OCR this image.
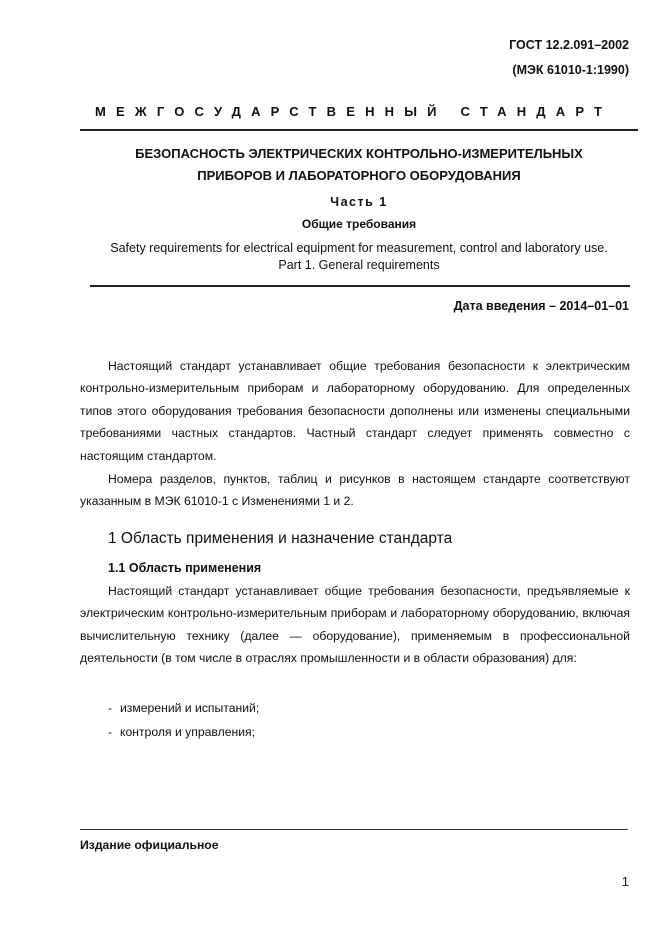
ГОСТ 12.2.091–2002
(МЭК 61010-1:1990)
МЕЖГОСУДАРСТВЕННЫЙ СТАНДАРТ
БЕЗОПАСНОСТЬ ЭЛЕКТРИЧЕСКИХ КОНТРОЛЬНО-ИЗМЕРИТЕЛЬНЫХ
ПРИБОРОВ И ЛАБОРАТОРНОГО ОБОРУДОВАНИЯ
Часть 1
Общие требования
Safety requirements for electrical equipment for measurement, control and laboratory use.
Part 1. General requirements
Дата введения – 2014–01–01
Настоящий стандарт устанавливает общие требования безопасности к электрическим контрольно-измерительным приборам и лабораторному оборудованию. Для определенных типов этого оборудования требования безопасности дополнены или изменены специальными требованиями частных стандартов. Частный стандарт следует применять совместно с настоящим стандартом.
Номера разделов, пунктов, таблиц и рисунков в настоящем стандарте соответствуют указанным в МЭК 61010-1 с Изменениями 1 и 2.
1 Область применения и назначение стандарта
1.1 Область применения
Настоящий стандарт устанавливает общие требования безопасности, предъявляемые к электрическим контрольно-измерительным приборам и лабораторному оборудованию, включая вычислительную технику (далее — оборудование), применяемым в профессиональной деятельности (в том числе в отраслях промышленности и в области образования) для:
- измерений и испытаний;
- контроля и управления;
Издание официальное
1
